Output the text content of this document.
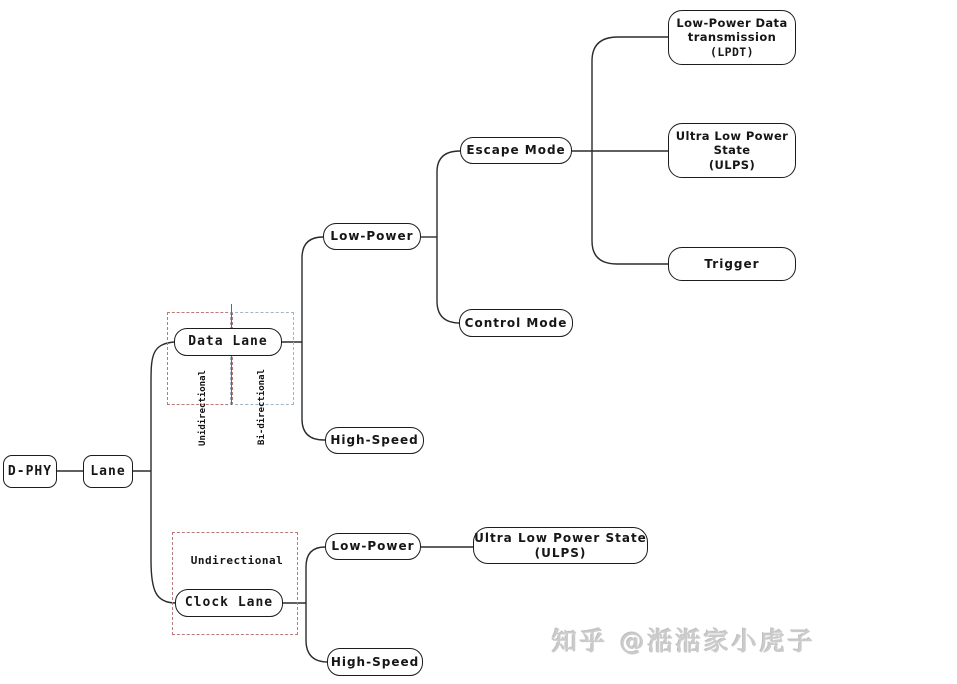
Unidirectional	Bi-directional
Undirectional
D-PHY	Lane
Data Lane
Clock Lane
Low-Power
High-Speed
Escape Mode
Control Mode
Low-Power Data
transmission
(LPDT)
Ultra Low Power
State
(ULPS)
Trigger
Low-Power
High-Speed
Ultra Low Power State
(ULPS)
知乎 @湉湉家小虎子
